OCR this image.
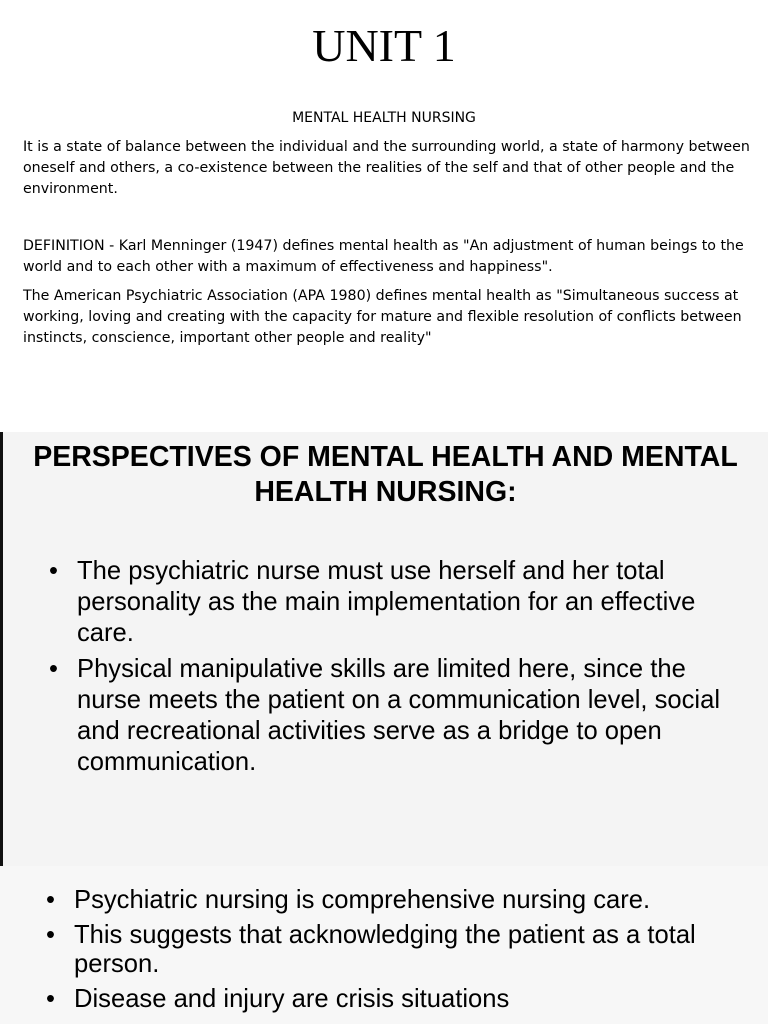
UNIT 1
MENTAL HEALTH NURSING

It is a state of balance between the individual and the surrounding world, a state of harmony between oneself and others, a co-existence between the realities of the self and that of other people and the environment.

DEFINITION - Karl Menninger (1947) defines mental health as "An adjustment of human beings to the world and to each other with a maximum of effectiveness and happiness".

The American Psychiatric Association (APA 1980) defines mental health as "Simultaneous success at working, loving and creating with the capacity for mature and flexible resolution of conflicts between instincts, conscience, important other people and reality"

PERSPECTIVES OF MENTAL HEALTH AND MENTAL HEALTH NURSING:
• The psychiatric nurse must use herself and her total personality as the main implementation for an effective care.
• Physical manipulative skills are limited here, since the nurse meets the patient on a communication level, social and recreational activities serve as a bridge to open communication.
• Psychiatric nursing is comprehensive nursing care.
• This suggests that acknowledging the patient as a total person.
• Disease and injury are crisis situations
